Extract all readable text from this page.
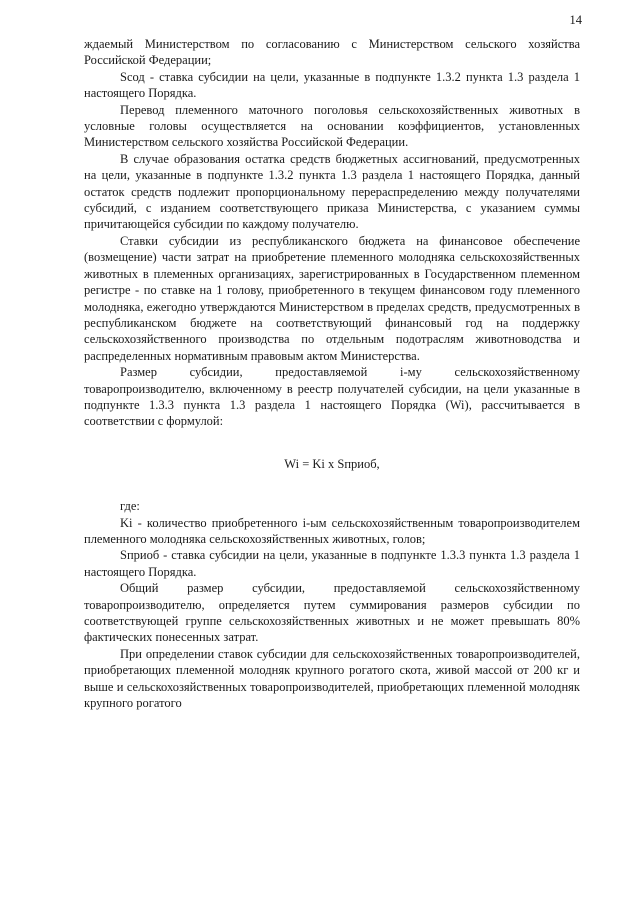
14

ждаемый Министерством по согласованию с Министерством сельского хозяйства Российской Федерации;

Sсод - ставка субсидии на цели, указанные в подпункте 1.3.2 пункта 1.3 раздела 1 настоящего Порядка.

Перевод племенного маточного поголовья сельскохозяйственных животных в условные головы осуществляется на основании коэффициентов, установленных Министерством сельского хозяйства Российской Федерации.

В случае образования остатка средств бюджетных ассигнований, предусмотренных на цели, указанные в подпункте 1.3.2 пункта 1.3 раздела 1 настоящего Порядка, данный остаток средств подлежит пропорциональному перераспределению между получателями субсидий, с изданием соответствующего приказа Министерства, с указанием суммы причитающейся субсидии по каждому получателю.

Ставки субсидии из республиканского бюджета на финансовое обеспечение (возмещение) части затрат на приобретение племенного молодняка сельскохозяйственных животных в племенных организациях, зарегистрированных в Государственном племенном регистре - по ставке на 1 голову, приобретенного в текущем финансовом году племенного молодняка, ежегодно утверждаются Министерством в пределах средств, предусмотренных в республиканском бюджете на соответствующий финансовый год на поддержку сельскохозяйственного производства по отдельным подотраслям животноводства и распределенных нормативным правовым актом Министерства.

Размер субсидии, предоставляемой i-му сельскохозяйственному товаропроизводителю, включенному в реестр получателей субсидии, на цели указанные в подпункте 1.3.3 пункта 1.3 раздела 1 настоящего Порядка (Wi), рассчитывается в соответствии с формулой:

Wi = Ki x Sприоб,

где:

Ki - количество приобретенного i-ым сельскохозяйственным товаропроизводителем племенного молодняка сельскохозяйственных животных, голов;

Sприоб - ставка субсидии на цели, указанные в подпункте 1.3.3 пункта 1.3 раздела 1 настоящего Порядка.

Общий размер субсидии, предоставляемой сельскохозяйственному товаропроизводителю, определяется путем суммирования размеров субсидии по соответствующей группе сельскохозяйственных животных и не может превышать 80% фактических понесенных затрат.

При определении ставок субсидии для сельскохозяйственных товаропроизводителей, приобретающих племенной молодняк крупного рогатого скота, живой массой от 200 кг и выше и сельскохозяйственных товаропроизводителей, приобретающих племенной молодняк крупного рогатого
